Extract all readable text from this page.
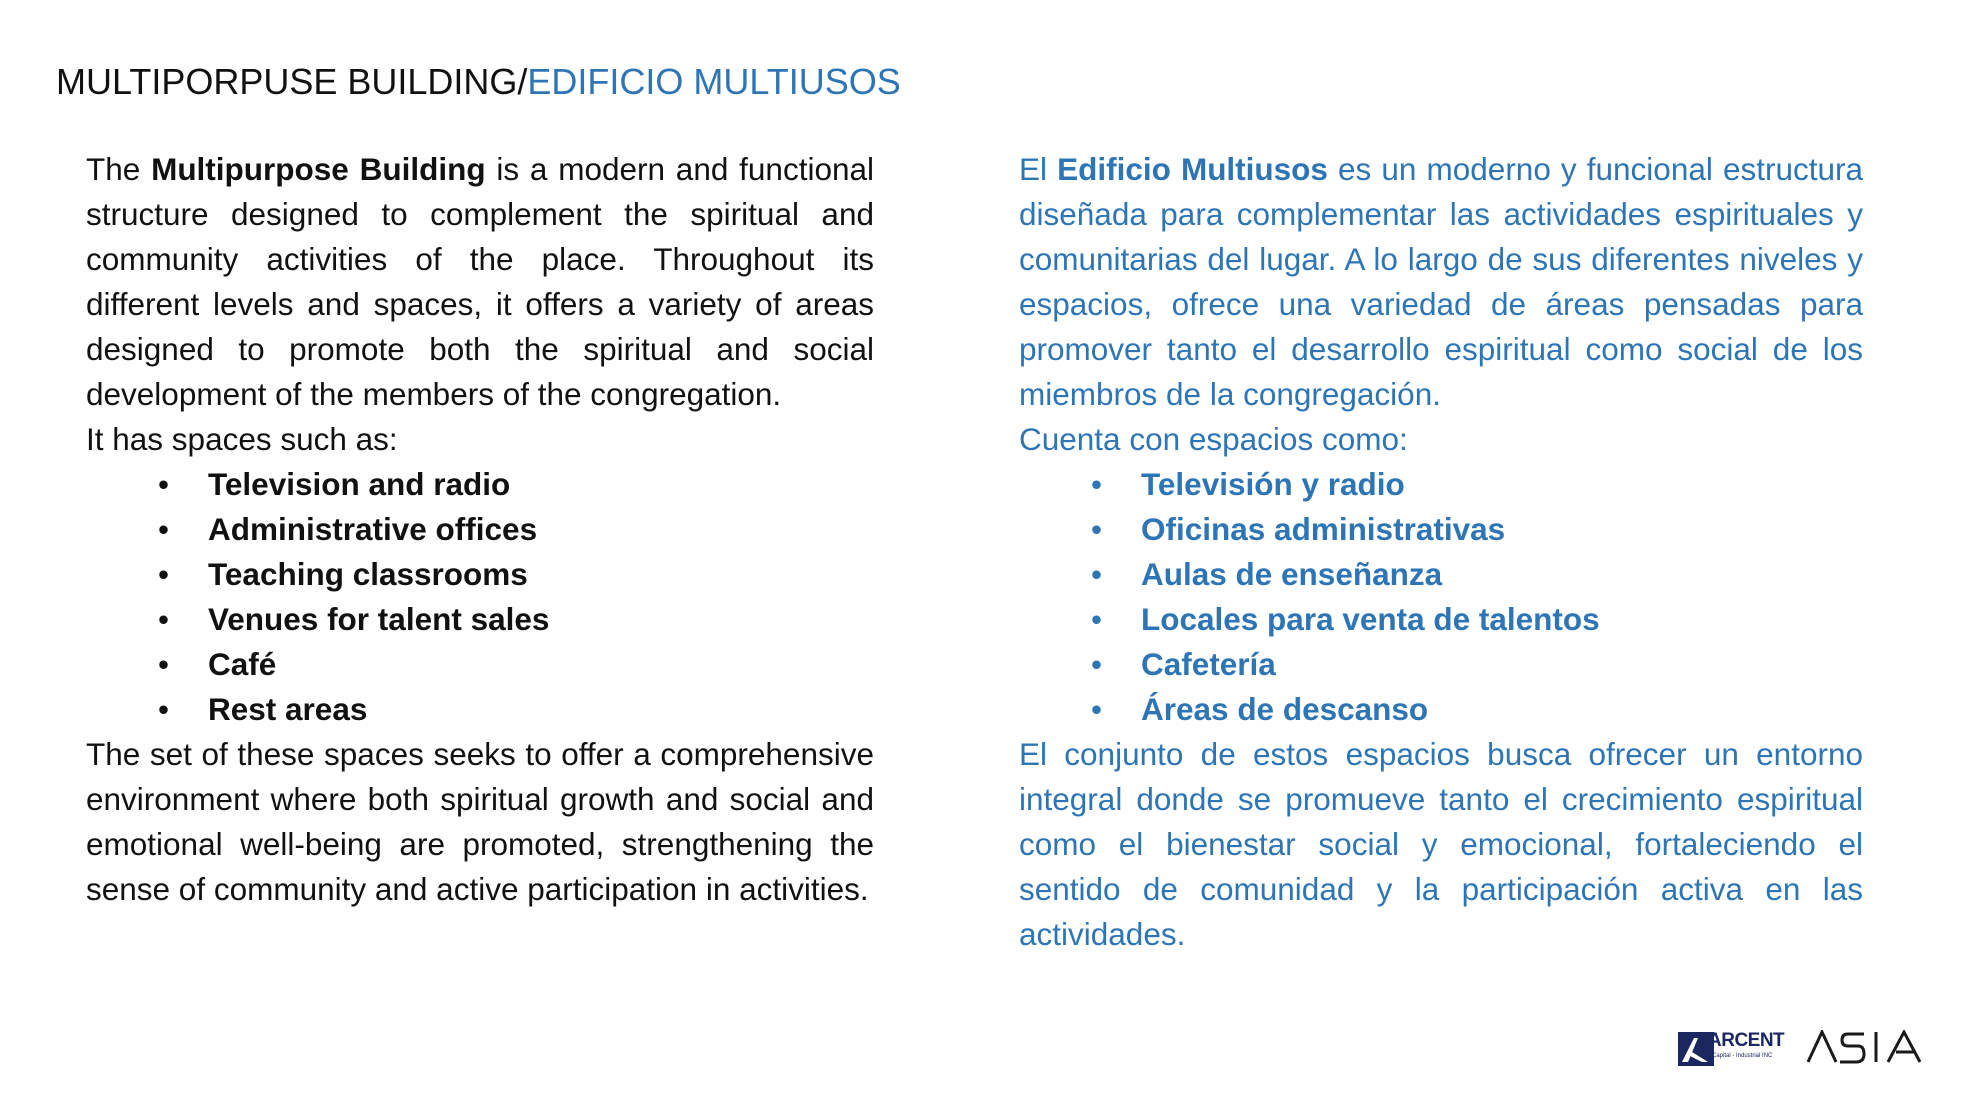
MULTIPORPUSE BUILDING/EDIFICIO MULTIUSOS

The Multipurpose Building is a modern and functional structure designed to complement the spiritual and community activities of the place. Throughout its different levels and spaces, it offers a variety of areas designed to promote both the spiritual and social development of the members of the congregation.

It has spaces such as:

• Television and radio
• Administrative offices
• Teaching classrooms
• Venues for talent sales
• Café
• Rest areas

The set of these spaces seeks to offer a comprehensive environment where both spiritual growth and social and emotional well-being are promoted, strengthening the sense of community and active participation in activities.

El Edificio Multiusos es un moderno y funcional estructura diseñada para complementar las actividades espirituales y comunitarias del lugar. A lo largo de sus diferentes niveles y espacios, ofrece una variedad de áreas pensadas para promover tanto el desarrollo espiritual como social de los miembros de la congregación.

Cuenta con espacios como:

• Televisión y radio
• Oficinas administrativas
• Aulas de enseñanza
• Locales para venta de talentos
• Cafetería
• Áreas de descanso

El conjunto de estos espacios busca ofrecer un entorno integral donde se promueve tanto el crecimiento espiritual como el bienestar social y emocional, fortaleciendo el sentido de comunidad y la participación activa en las actividades.

ARCENT
Capital - Industrial INC
